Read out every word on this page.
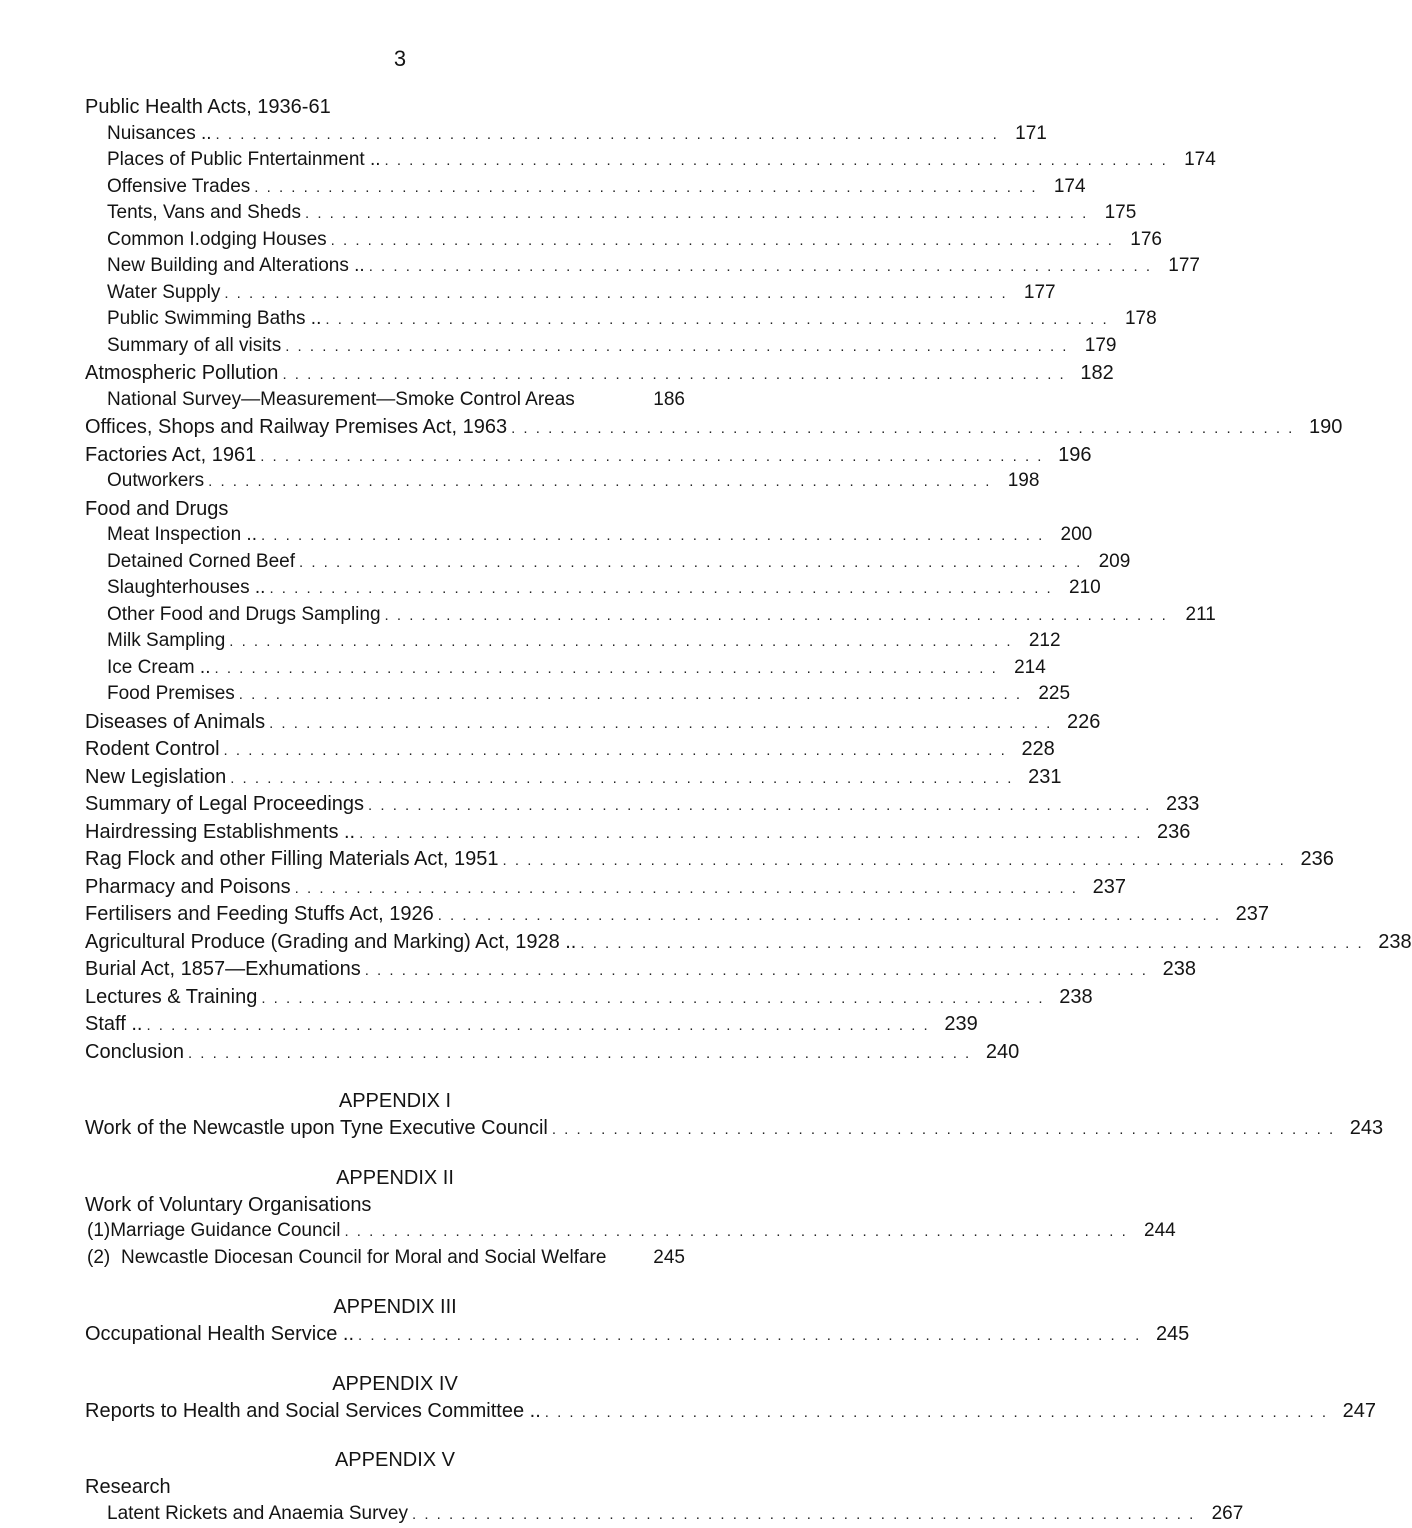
3
Public Health Acts, 1936-61
Nuisances .. . . . . . . . . . . . . . . . . . . . . . . . . . . . . . . . . . . . . . . . . . . . . . . . . . . . . . . . . . . . . . . . . 171
Places of Public Fntertainment .. . . . . . . . . . . . . . . . . . . . . . . . . . . . . . . . . . . . . . . . . . . . . . . . . . . . . . . . . . . . . . . . . 174
Offensive Trades . . . . . . . . . . . . . . . . . . . . . . . . . . . . . . . . . . . . . . . . . . . . . . . . . . . . . . . . . . . . . . . . 174
Tents, Vans and Sheds . . . . . . . . . . . . . . . . . . . . . . . . . . . . . . . . . . . . . . . . . . . . . . . . . . . . . . . . . . . . . . . . 175
Common I.odging Houses . . . . . . . . . . . . . . . . . . . . . . . . . . . . . . . . . . . . . . . . . . . . . . . . . . . . . . . . . . . . . . . . 176
New Building and Alterations .. . . . . . . . . . . . . . . . . . . . . . . . . . . . . . . . . . . . . . . . . . . . . . . . . . . . . . . . . . . . . . . . . 177
Water Supply . . . . . . . . . . . . . . . . . . . . . . . . . . . . . . . . . . . . . . . . . . . . . . . . . . . . . . . . . . . . . . . . 177
Public Swimming Baths .. . . . . . . . . . . . . . . . . . . . . . . . . . . . . . . . . . . . . . . . . . . . . . . . . . . . . . . . . . . . . . . . . 178
Summary of all visits . . . . . . . . . . . . . . . . . . . . . . . . . . . . . . . . . . . . . . . . . . . . . . . . . . . . . . . . . . . . . . . . 179
Atmospheric Pollution . . . . . . . . . . . . . . . . . . . . . . . . . . . . . . . . . . . . . . . . . . . . . . . . . . . . . . . . . . . . . . . . 182
National Survey—Measurement—Smoke Control Areas	186
Offices, Shops and Railway Premises Act, 1963 . . . . . . . . . . . . . . . . . . . . . . . . . . . . . . . . . . . . . . . . . . . . . . . . . . . . . . . . . . . . . . . . 190
Factories Act, 1961 . . . . . . . . . . . . . . . . . . . . . . . . . . . . . . . . . . . . . . . . . . . . . . . . . . . . . . . . . . . . . . . . 196
Outworkers . . . . . . . . . . . . . . . . . . . . . . . . . . . . . . . . . . . . . . . . . . . . . . . . . . . . . . . . . . . . . . . . 198
Food and Drugs
Meat Inspection .. . . . . . . . . . . . . . . . . . . . . . . . . . . . . . . . . . . . . . . . . . . . . . . . . . . . . . . . . . . . . . . . . 200
Detained Corned Beef . . . . . . . . . . . . . . . . . . . . . . . . . . . . . . . . . . . . . . . . . . . . . . . . . . . . . . . . . . . . . . . . 209
Slaughterhouses .. . . . . . . . . . . . . . . . . . . . . . . . . . . . . . . . . . . . . . . . . . . . . . . . . . . . . . . . . . . . . . . . . 210
Other Food and Drugs Sampling . . . . . . . . . . . . . . . . . . . . . . . . . . . . . . . . . . . . . . . . . . . . . . . . . . . . . . . . . . . . . . . . 211
Milk Sampling . . . . . . . . . . . . . . . . . . . . . . . . . . . . . . . . . . . . . . . . . . . . . . . . . . . . . . . . . . . . . . . . 212
Ice Cream .. . . . . . . . . . . . . . . . . . . . . . . . . . . . . . . . . . . . . . . . . . . . . . . . . . . . . . . . . . . . . . . . . 214
Food Premises . . . . . . . . . . . . . . . . . . . . . . . . . . . . . . . . . . . . . . . . . . . . . . . . . . . . . . . . . . . . . . . . 225
Diseases of Animals . . . . . . . . . . . . . . . . . . . . . . . . . . . . . . . . . . . . . . . . . . . . . . . . . . . . . . . . . . . . . . . . 226
Rodent Control . . . . . . . . . . . . . . . . . . . . . . . . . . . . . . . . . . . . . . . . . . . . . . . . . . . . . . . . . . . . . . . . 228
New Legislation . . . . . . . . . . . . . . . . . . . . . . . . . . . . . . . . . . . . . . . . . . . . . . . . . . . . . . . . . . . . . . . . 231
Summary of Legal Proceedings . . . . . . . . . . . . . . . . . . . . . . . . . . . . . . . . . . . . . . . . . . . . . . . . . . . . . . . . . . . . . . . . 233
Hairdressing Establishments .. . . . . . . . . . . . . . . . . . . . . . . . . . . . . . . . . . . . . . . . . . . . . . . . . . . . . . . . . . . . . . . . . 236
Rag Flock and other Filling Materials Act, 1951 . . . . . . . . . . . . . . . . . . . . . . . . . . . . . . . . . . . . . . . . . . . . . . . . . . . . . . . . . . . . . . . . 236
Pharmacy and Poisons . . . . . . . . . . . . . . . . . . . . . . . . . . . . . . . . . . . . . . . . . . . . . . . . . . . . . . . . . . . . . . . . 237
Fertilisers and Feeding Stuffs Act, 1926 . . . . . . . . . . . . . . . . . . . . . . . . . . . . . . . . . . . . . . . . . . . . . . . . . . . . . . . . . . . . . . . . 237
Agricultural Produce (Grading and Marking) Act, 1928 .. . . . . . . . . . . . . . . . . . . . . . . . . . . . . . . . . . . . . . . . . . . . . . . . . . . . . . . . . . . . . . . . . 238
Burial Act, 1857—Exhumations . . . . . . . . . . . . . . . . . . . . . . . . . . . . . . . . . . . . . . . . . . . . . . . . . . . . . . . . . . . . . . . . 238
Lectures & Training . . . . . . . . . . . . . . . . . . . . . . . . . . . . . . . . . . . . . . . . . . . . . . . . . . . . . . . . . . . . . . . . 238
Staff .. . . . . . . . . . . . . . . . . . . . . . . . . . . . . . . . . . . . . . . . . . . . . . . . . . . . . . . . . . . . . . . . . 239
Conclusion . . . . . . . . . . . . . . . . . . . . . . . . . . . . . . . . . . . . . . . . . . . . . . . . . . . . . . . . . . . . . . . . 240
APPENDIX I
Work of the Newcastle upon Tyne Executive Council . . . . . . . . . . . . . . . . . . . . . . . . . . . . . . . . . . . . . . . . . . . . . . . . . . . . . . . . . . . . . . . . 243
APPENDIX II
Work of Voluntary Organisations
(1) Marriage Guidance Council . . . . . . . . . . . . . . . . . . . . . . . . . . . . . . . . . . . . . . . . . . . . . . . . . . . . . . . . . . . . . . . . 244
(2) Newcastle Diocesan Council for Moral and Social Welfare	245
APPENDIX III
Occupational Health Service .. . . . . . . . . . . . . . . . . . . . . . . . . . . . . . . . . . . . . . . . . . . . . . . . . . . . . . . . . . . . . . . . . 245
APPENDIX IV
Reports to Health and Social Services Committee .. . . . . . . . . . . . . . . . . . . . . . . . . . . . . . . . . . . . . . . . . . . . . . . . . . . . . . . . . . . . . . . . . 247
APPENDIX V
Research
Latent Rickets and Anaemia Survey . . . . . . . . . . . . . . . . . . . . . . . . . . . . . . . . . . . . . . . . . . . . . . . . . . . . . . . . . . . . . . . . 267
